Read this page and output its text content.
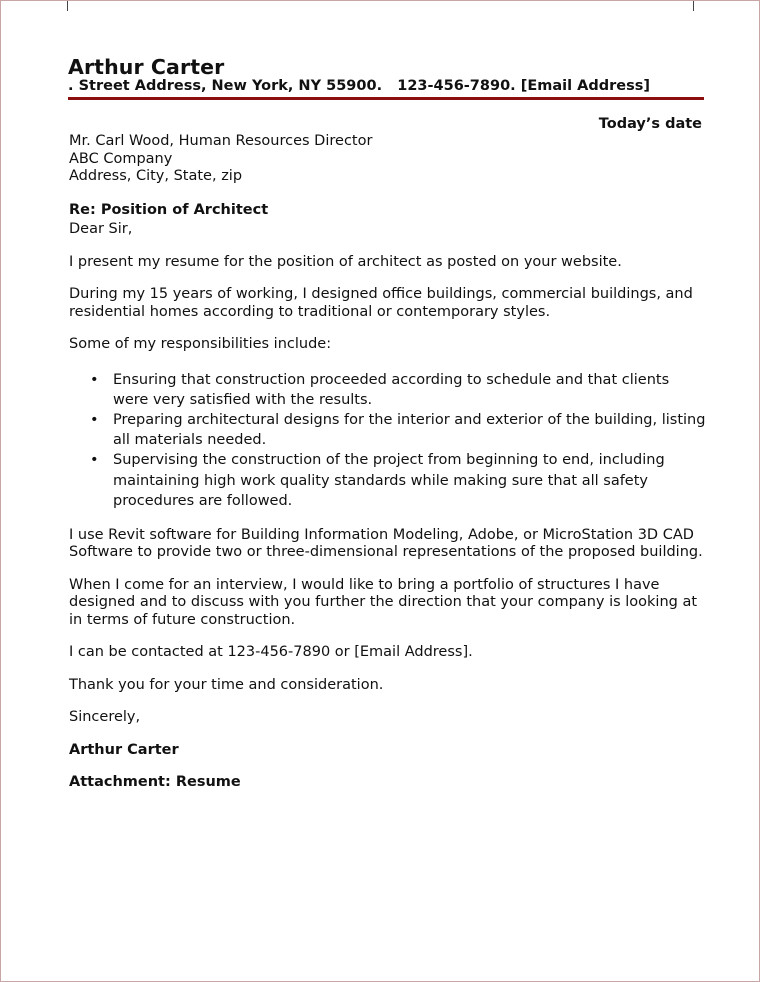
Arthur Carter
. Street Address, New York, NY 55900. 123-456-7890. [Email Address]
Today’s date

Mr. Carl Wood, Human Resources Director

ABC Company

Address, City, State, zip

Re: Position of Architect

Dear Sir,

I present my resume for the position of architect as posted on your website.

During my 15 years of working, I designed office buildings, commercial buildings, and residential homes according to traditional or contemporary styles.

Some of my responsibilities include:

• Ensuring that construction proceeded according to schedule and that clients were very satisfied with the results.
• Preparing architectural designs for the interior and exterior of the building, listing all materials needed.
• Supervising the construction of the project from beginning to end, including maintaining high work quality standards while making sure that all safety procedures are followed.

I use Revit software for Building Information Modeling, Adobe, or MicroStation 3D CAD Software to provide two or three-dimensional representations of the proposed building.

When I come for an interview, I would like to bring a portfolio of structures I have designed and to discuss with you further the direction that your company is looking at in terms of future construction.

I can be contacted at 123-456-7890 or [Email Address].

Thank you for your time and consideration.

Sincerely,

Arthur Carter

Attachment: Resume
